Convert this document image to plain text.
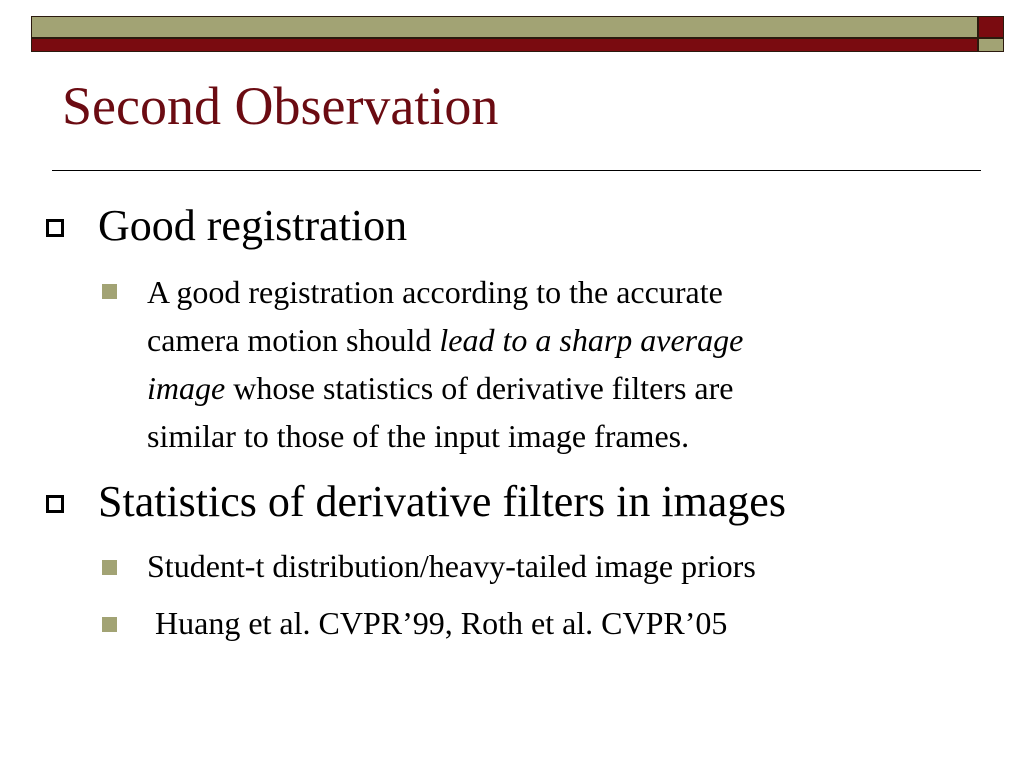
Second Observation
Good registration
A good registration according to the accurate
camera motion should lead to a sharp average
image whose statistics of derivative filters are
similar to those of the input image frames.
Statistics of derivative filters in images
Student-t distribution/heavy-tailed image priors
Huang et al. CVPR’99, Roth et al. CVPR’05
